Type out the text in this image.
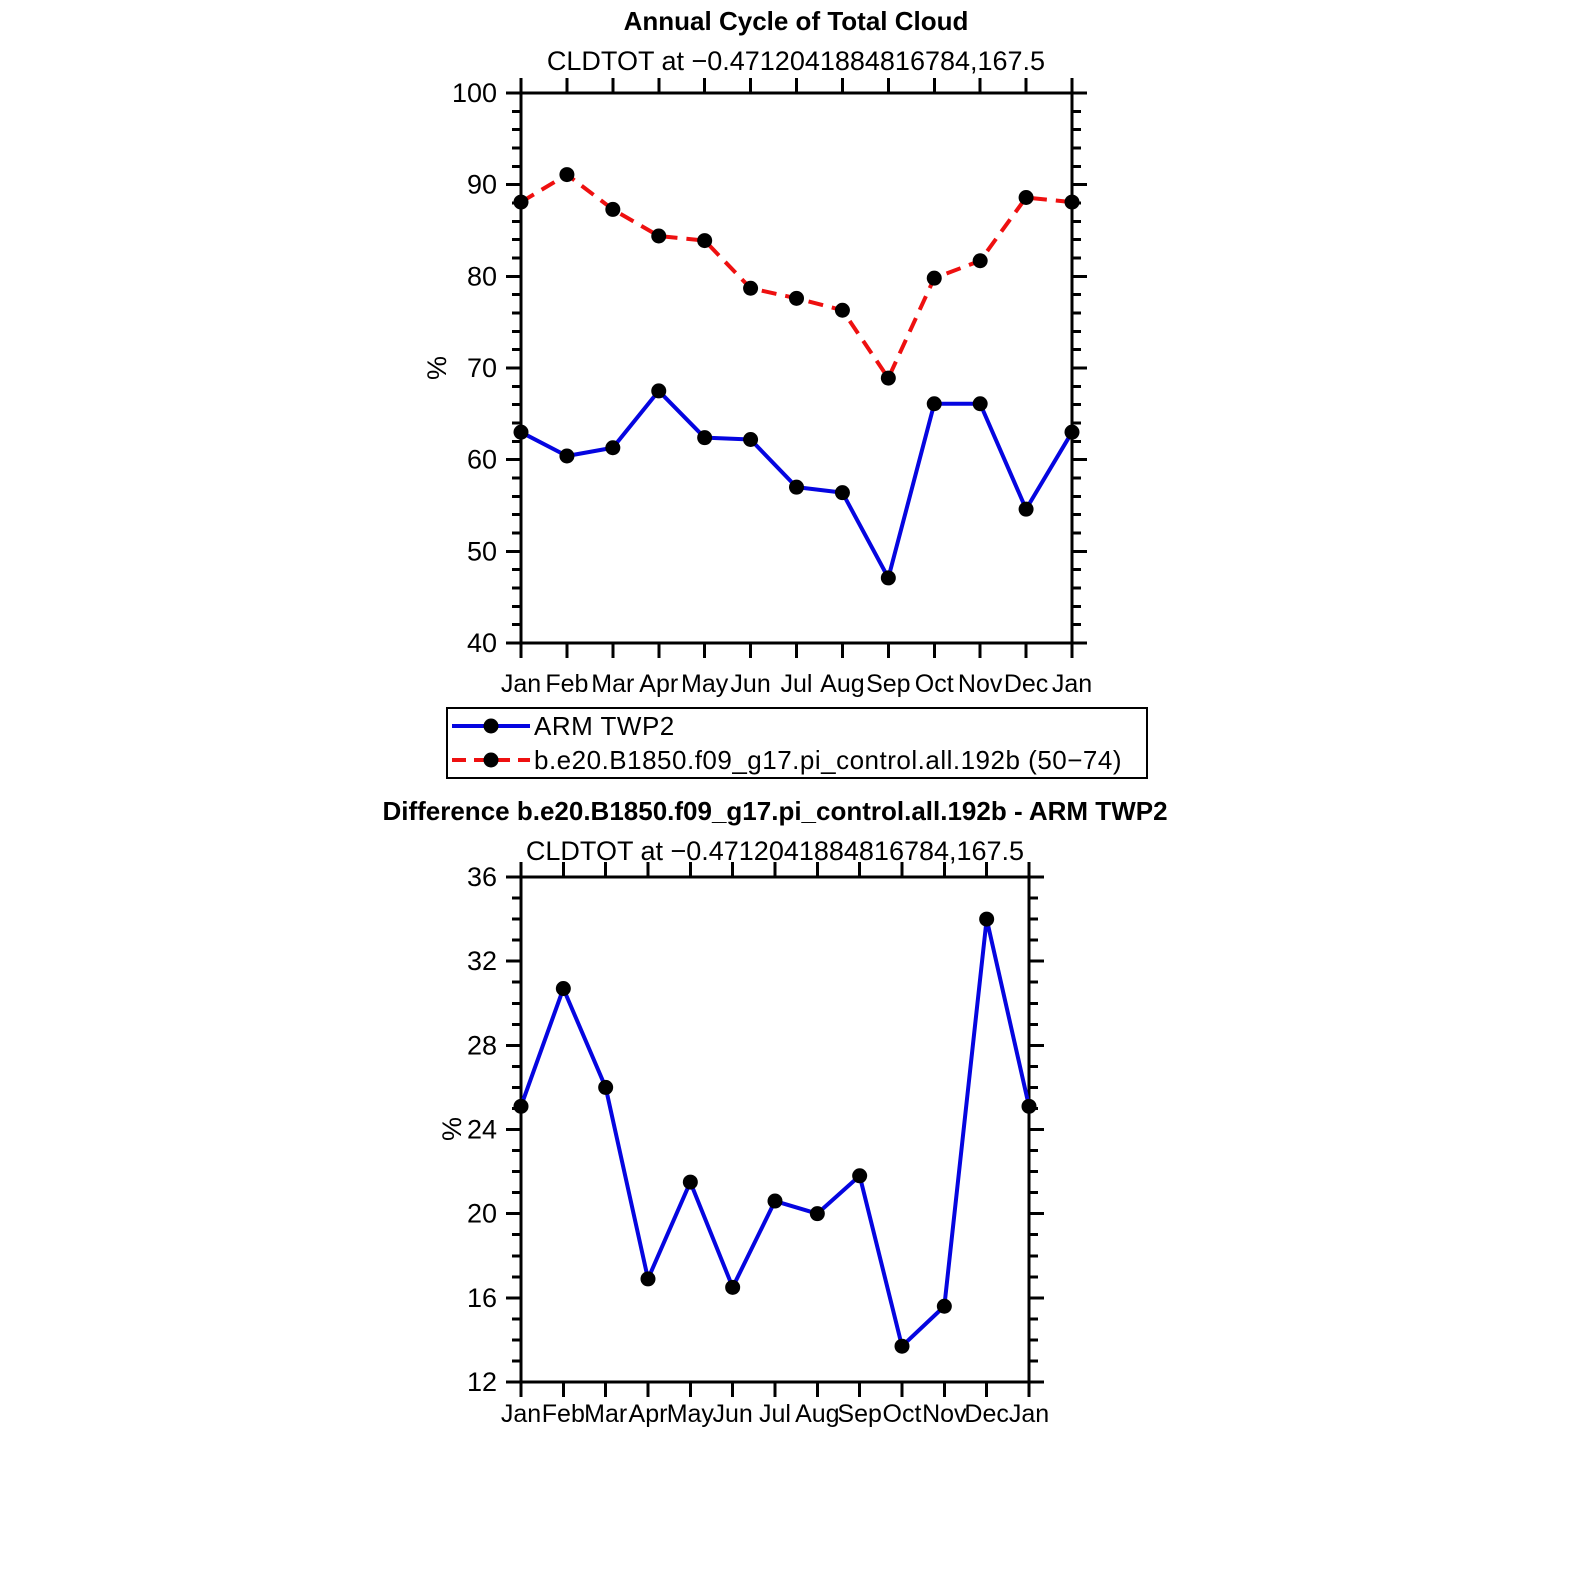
40
50
60
70
80
90
100
Jan Feb Mar Apr May Jun Jul Aug Sep Oct Nov Dec Jan
12
16
20
24
28
32
36
Jan Feb Mar Apr May
Jun Jul Aug
Sep Oct Nov
Dec Jan
Annual Cycle of Total Cloud
CLDTOT at −0.4712041884816784,167.5
%
ARM TWP2
b.e20.B1850.f09_g17.pi_control.all.192b (50−74)
Difference b.e20.B1850.f09_g17.pi_control.all.192b - ARM TWP2
CLDTOT at −0.4712041884816784,167.5
%
